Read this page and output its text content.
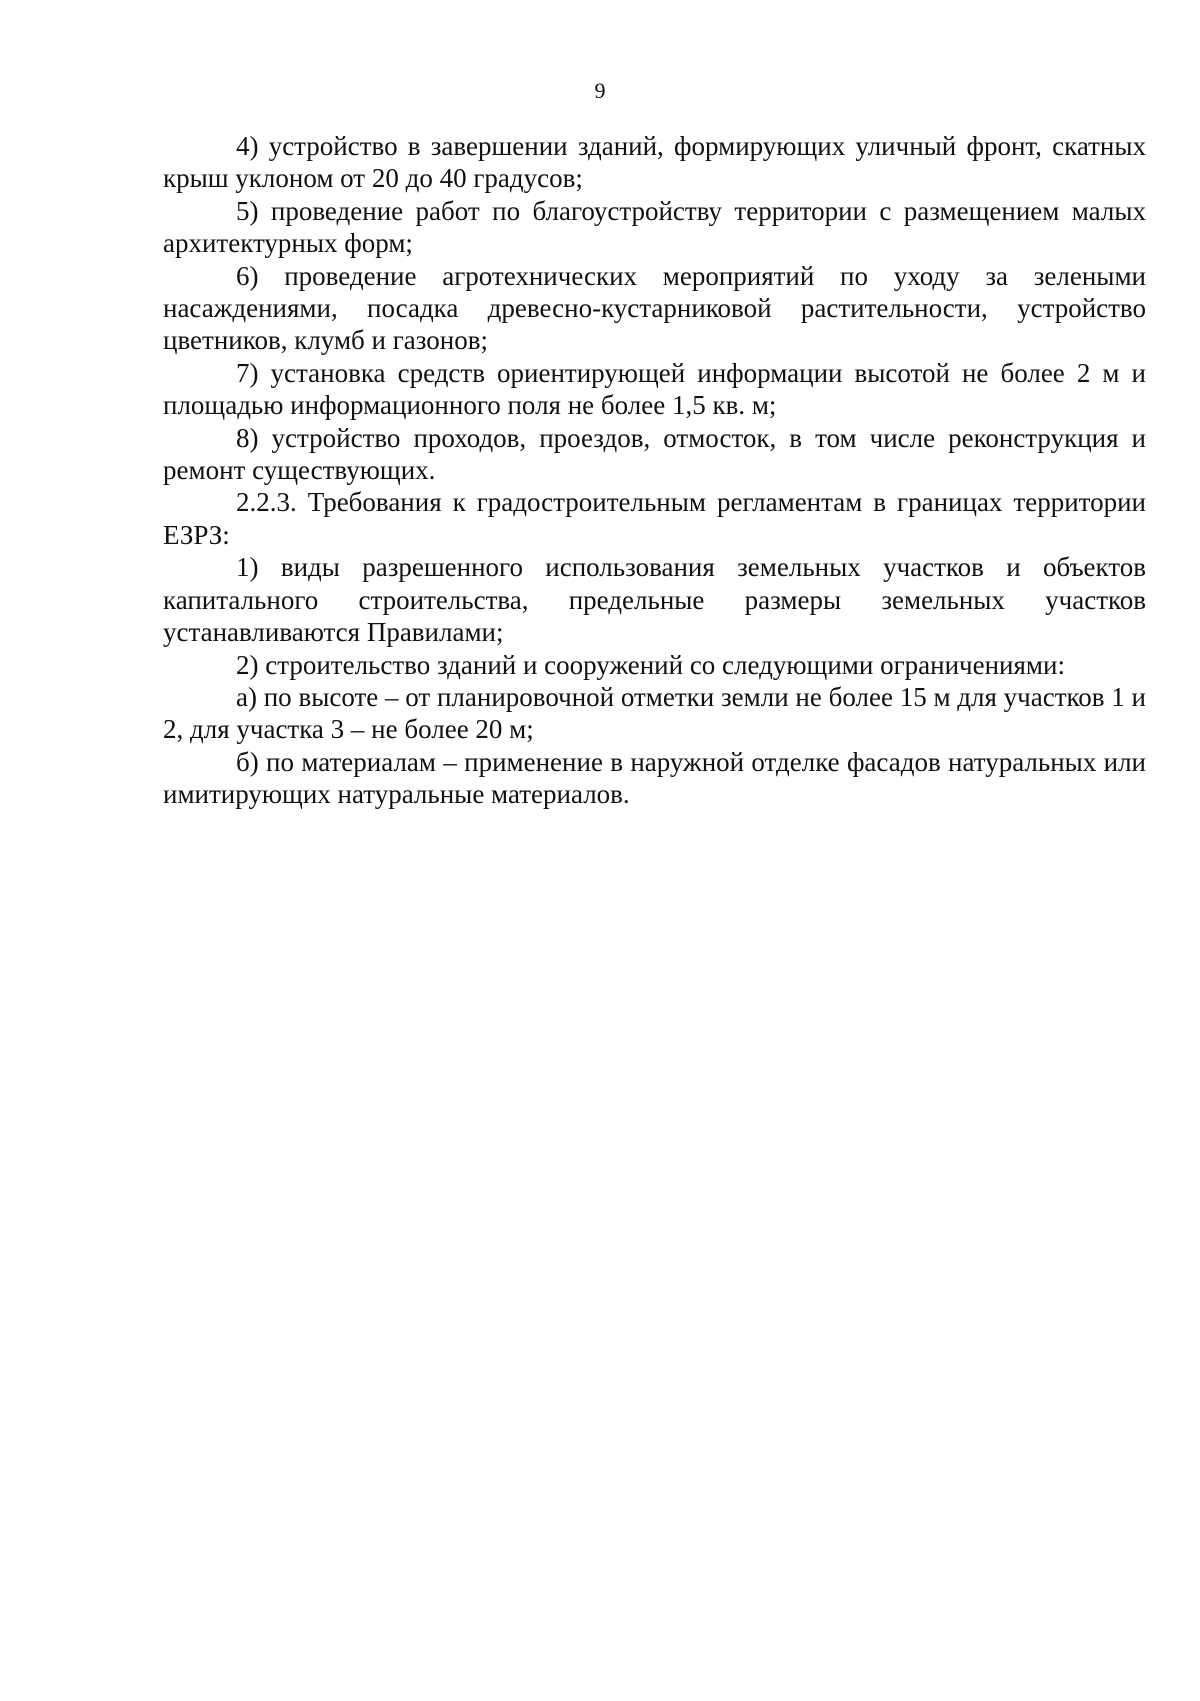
9

4) устройство в завершении зданий, формирующих уличный фронт, скатных крыш уклоном от 20 до 40 градусов;

5) проведение работ по благоустройству территории с размещением малых архитектурных форм;

6) проведение агротехнических мероприятий по уходу за зелеными насаждениями, посадка древесно-кустарниковой растительности, устройство цветников, клумб и газонов;

7) установка средств ориентирующей информации высотой не более 2 м и площадью информационного поля не более 1,5 кв. м;

8) устройство проходов, проездов, отмосток, в том числе реконструкция и ремонт существующих.

2.2.3. Требования к градостроительным регламентам в границах территории ЕЗРЗ:

1) виды разрешенного использования земельных участков и объектов капитального строительства, предельные размеры земельных участков устанавливаются Правилами;

2) строительство зданий и сооружений со следующими ограничениями:

а) по высоте – от планировочной отметки земли не более 15 м для участков 1 и 2, для участка 3 – не более 20 м;

б) по материалам – применение в наружной отделке фасадов натуральных или имитирующих натуральные материалов.
